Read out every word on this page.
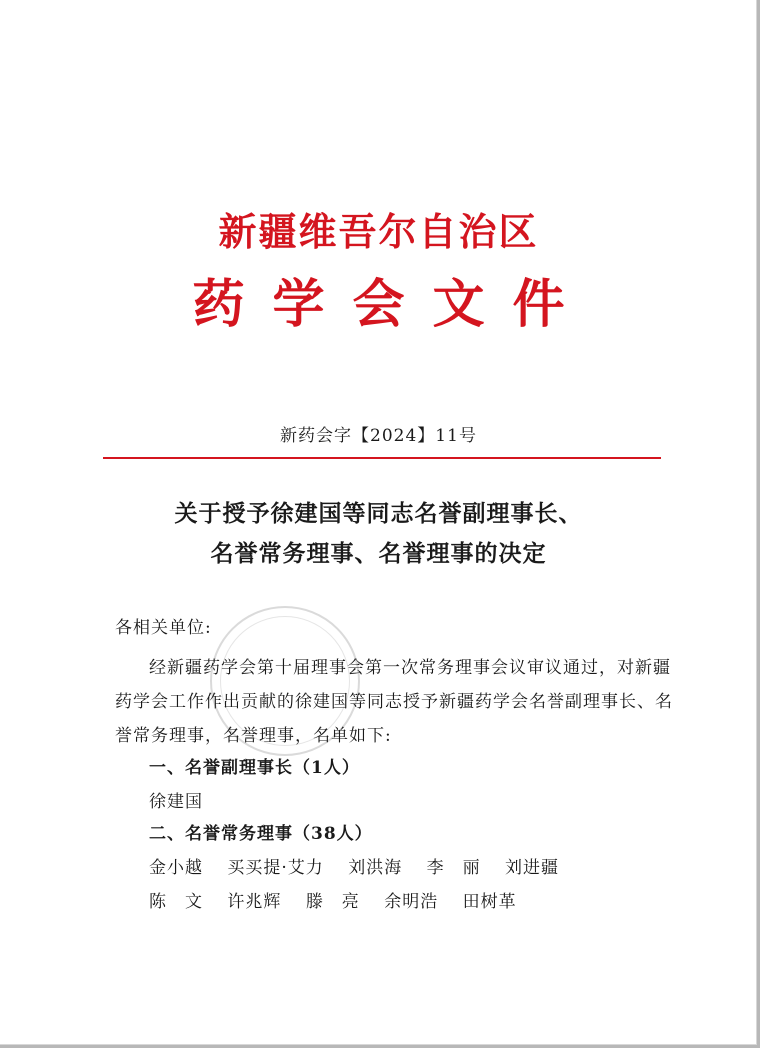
新疆维吾尔自治区
药学会文件
新药会字【2024】11号
关于授予徐建国等同志名誉副理事长、
名誉常务理事、名誉理事的决定
各相关单位:
经新疆药学会第十届理事会第一次常务理事会议审议通过，对新疆药学会工作作出贡献的徐建国等同志授予新疆药学会名誉副理事长、名誉常务理事，名誉理事，名单如下:
一、名誉副理事长（1人）
徐建国
二、名誉常务理事（38人）
金小越 买买提·艾力 刘洪海 李　丽 刘进疆
陈　文 许兆辉 滕　亮 余明浩 田树革
